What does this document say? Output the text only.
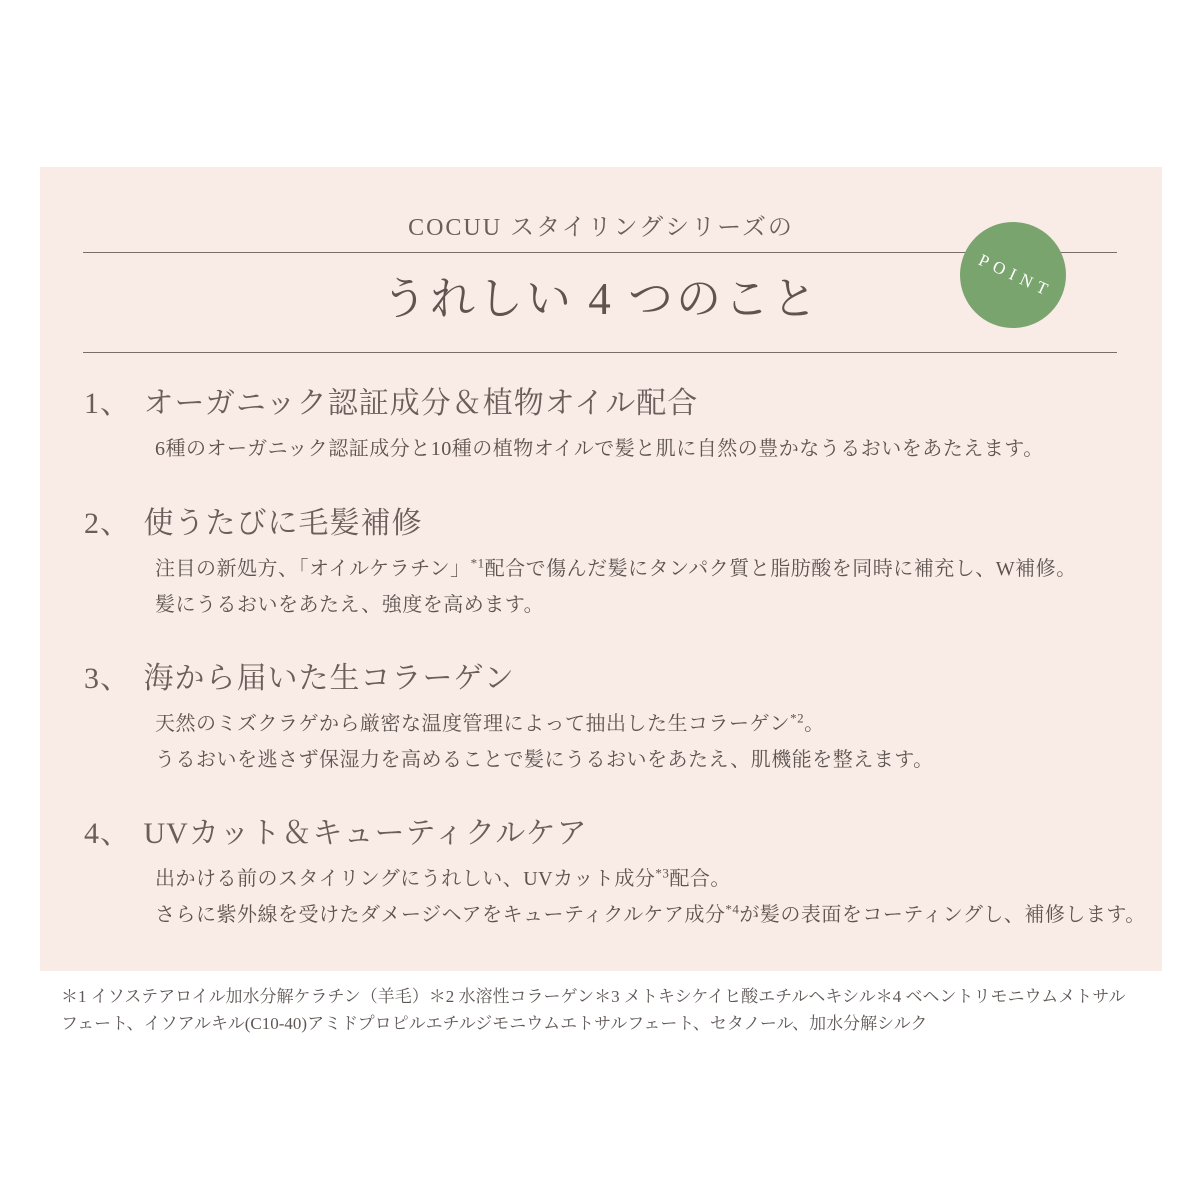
COCUU スタイリングシリーズの
うれしい 4 つのこと	POINT
1、 オーガニック認証成分＆植物オイル配合
6種のオーガニック認証成分と10種の植物オイルで髪と肌に自然の豊かなうるおいをあたえます。
2、 使うたびに毛髪補修
注目の新処方、「オイルケラチン」$^{*1}$配合で傷んだ髪にタンパク質と脂肪酸を同時に補充し、W補修。
髪にうるおいをあたえ、強度を高めます。
3、 海から届いた生コラーゲン
天然のミズクラゲから厳密な温度管理によって抽出した生コラーゲン$^{*2}$。
うるおいを逃さず保湿力を高めることで髪にうるおいをあたえ、肌機能を整えます。
4、 UVカット＆キューティクルケア
出かける前のスタイリングにうれしい、UVカット成分$^{*3}$配合。
さらに紫外線を受けたダメージヘアをキューティクルケア成分$^{*4}$が髪の表面をコーティングし、補修します。
＊1 イソステアロイル加水分解ケラチン（羊毛）＊2 水溶性コラーゲン＊3 メトキシケイヒ酸エチルヘキシル＊4 ベヘントリモニウムメトサル
フェート、イソアルキル(C10-40)アミドプロピルエチルジモニウムエトサルフェート、セタノール、加水分解シルク
